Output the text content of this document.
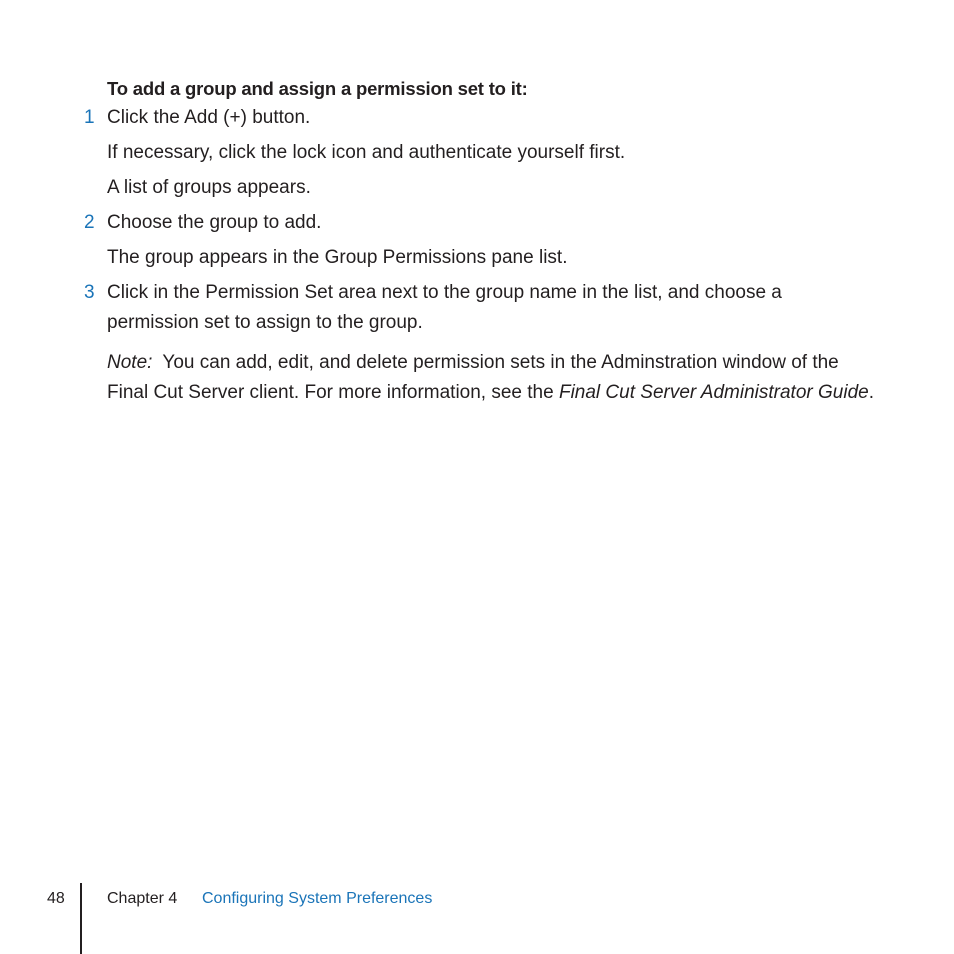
To add a group and assign a permission set to it:
1 Click the Add (+) button.
If necessary, click the lock icon and authenticate yourself first.
A list of groups appears.
2 Choose the group to add.
The group appears in the Group Permissions pane list.
3 Click in the Permission Set area next to the group name in the list, and choose a
permission set to assign to the group.
Note: You can add, edit, and delete permission sets in the Adminstration window of the
Final Cut Server client. For more information, see the Final Cut Server Administrator Guide.
48	Chapter 4 Configuring System Preferences
